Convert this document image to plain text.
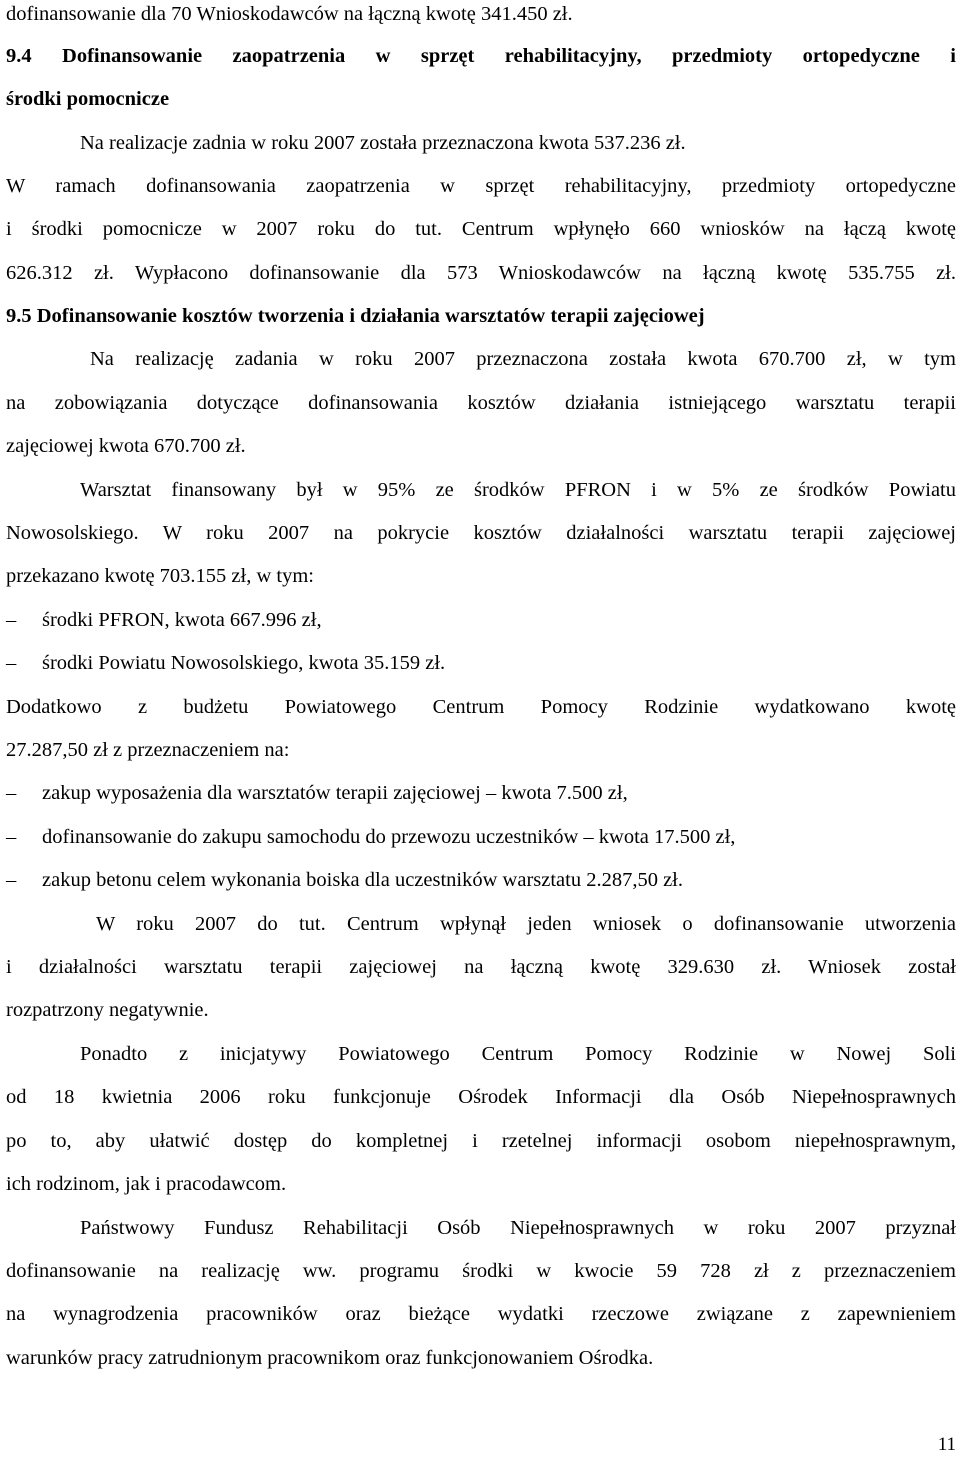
dofinansowanie dla 70 Wnioskodawców na łączną kwotę 341.450 zł.
9.4 Dofinansowanie zaopatrzenia w sprzęt rehabilitacyjny, przedmioty ortopedyczne i
środki pomocnicze
Na realizacje zadnia w roku 2007 została przeznaczona kwota 537.236 zł.
W ramach dofinansowania zaopatrzenia w sprzęt rehabilitacyjny, przedmioty ortopedyczne
i środki pomocnicze w 2007 roku do tut. Centrum wpłynęło 660 wniosków na łączą kwotę
626.312 zł. Wypłacono dofinansowanie dla 573 Wnioskodawców na łączną kwotę 535.755 zł.
9.5 Dofinansowanie kosztów tworzenia i działania warsztatów terapii zajęciowej
Na realizację zadania w roku 2007 przeznaczona została kwota 670.700 zł, w tym
na zobowiązania dotyczące dofinansowania kosztów działania istniejącego warsztatu terapii
zajęciowej kwota 670.700 zł.
Warsztat finansowany był w 95% ze środków PFRON i w 5% ze środków Powiatu
Nowosolskiego. W roku 2007 na pokrycie kosztów działalności warsztatu terapii zajęciowej
przekazano kwotę 703.155 zł, w tym:
– środki PFRON, kwota 667.996 zł,
– środki Powiatu Nowosolskiego, kwota 35.159 zł.
Dodatkowo z budżetu Powiatowego Centrum Pomocy Rodzinie wydatkowano kwotę
27.287,50 zł z przeznaczeniem na:
– zakup wyposażenia dla warsztatów terapii zajęciowej – kwota 7.500 zł,
– dofinansowanie do zakupu samochodu do przewozu uczestników – kwota 17.500 zł,
– zakup betonu celem wykonania boiska dla uczestników warsztatu 2.287,50 zł.
W roku 2007 do tut. Centrum wpłynął jeden wniosek o dofinansowanie utworzenia
i działalności warsztatu terapii zajęciowej na łączną kwotę 329.630 zł. Wniosek został
rozpatrzony negatywnie.
Ponadto z inicjatywy Powiatowego Centrum Pomocy Rodzinie w Nowej Soli
od 18 kwietnia 2006 roku funkcjonuje Ośrodek Informacji dla Osób Niepełnosprawnych
po to, aby ułatwić dostęp do kompletnej i rzetelnej informacji osobom niepełnosprawnym,
ich rodzinom, jak i pracodawcom.
Państwowy Fundusz Rehabilitacji Osób Niepełnosprawnych w roku 2007 przyznał
dofinansowanie na realizację ww. programu środki w kwocie 59 728 zł z przeznaczeniem
na wynagrodzenia pracowników oraz bieżące wydatki rzeczowe związane z zapewnieniem
warunków pracy zatrudnionym pracownikom oraz funkcjonowaniem Ośrodka.
11
